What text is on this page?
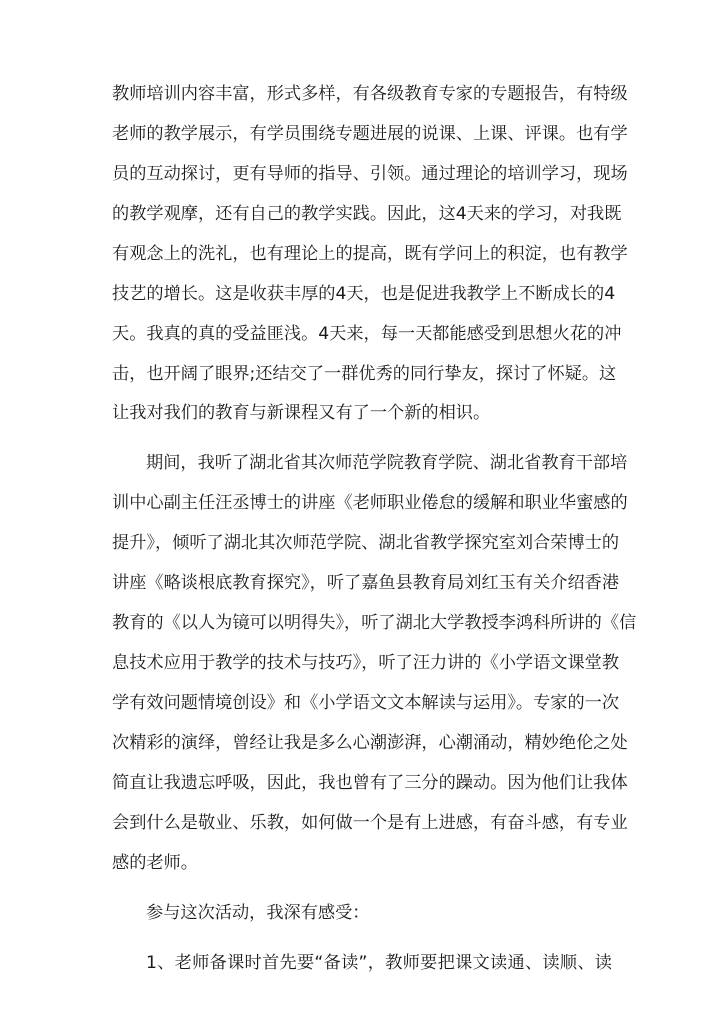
教师培训内容丰富，形式多样，有各级教育专家的专题报告，有特级
老师的教学展示，有学员围绕专题进展的说课、上课、评课。也有学
员的互动探讨，更有导师的指导、引领。通过理论的培训学习，现场
的教学观摩，还有自己的教学实践。因此，这4天来的学习，对我既
有观念上的洗礼，也有理论上的提高，既有学问上的积淀，也有教学
技艺的增长。这是收获丰厚的4天，也是促进我教学上不断成长的4
天。我真的真的受益匪浅。4天来，每一天都能感受到思想火花的冲
击，也开阔了眼界;还结交了一群优秀的同行挚友，探讨了怀疑。这
让我对我们的教育与新课程又有了一个新的相识。
期间，我听了湖北省其次师范学院教育学院、湖北省教育干部培
训中心副主任汪丞博士的讲座《老师职业倦怠的缓解和职业华蜜感的
提升》，倾听了湖北其次师范学院、湖北省教学探究室刘合荣博士的
讲座《略谈根底教育探究》，听了嘉鱼县教育局刘红玉有关介绍香港
教育的《以人为镜可以明得失》，听了湖北大学教授李鸿科所讲的《信
息技术应用于教学的技术与技巧》，听了汪力讲的《小学语文课堂教
学有效问题情境创设》和《小学语文文本解读与运用》。专家的一次
次精彩的演绎，曾经让我是多么心潮澎湃，心潮涌动，精妙绝伦之处
简直让我遗忘呼吸，因此，我也曾有了三分的躁动。因为他们让我体
会到什么是敬业、乐教，如何做一个是有上进感，有奋斗感，有专业
感的老师。
参与这次活动，我深有感受：
1、老师备课时首先要“备读”，教师要把课文读通、读顺、读
